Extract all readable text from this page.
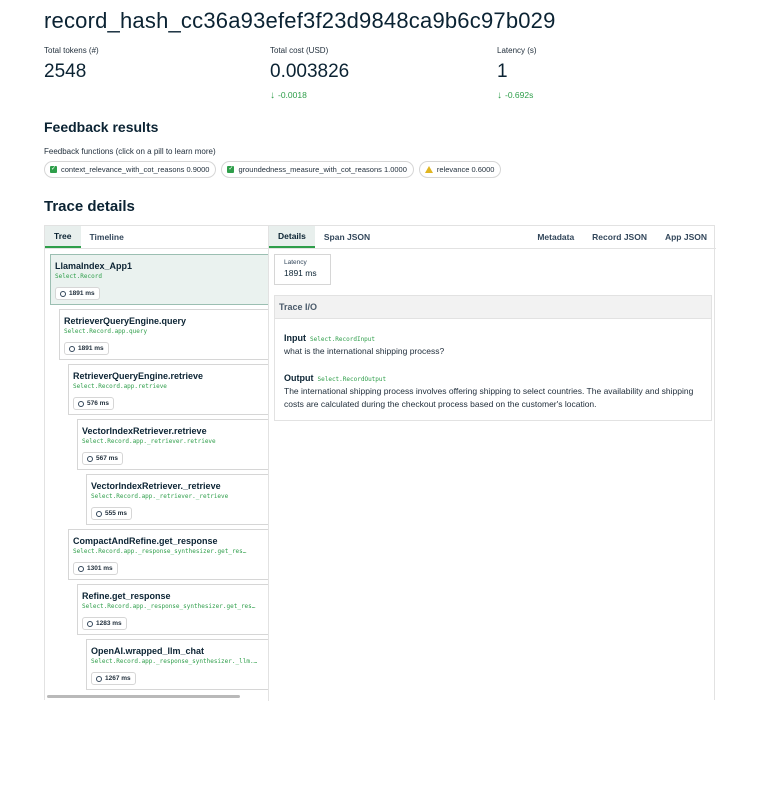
record_hash_cc36a93efef3f23d9848ca9b6c97b029
Total tokens (#)
2548
Total cost (USD)
0.003826
↓ -0.0018
Latency (s)
1
↓ -0.692s
Feedback results
Feedback functions (click on a pill to learn more)
✓ context_relevance_with_cot_reasons 0.9000	✓ groundedness_measure_with_cot_reasons 1.0000	relevance 0.6000
Trace details
Tree	Timeline
LlamaIndex_App1
Select.Record
1891 ms
RetrieverQueryEngine.query
Select.Record.app.query
1891 ms
RetrieverQueryEngine.retrieve
Select.Record.app.retrieve
576 ms
VectorIndexRetriever.retrieve
Select.Record.app._retriever.retrieve
567 ms
VectorIndexRetriever._retrieve
Select.Record.app._retriever._retrieve
555 ms
CompactAndRefine.get_response
Select.Record.app._response_synthesizer.get_res…
1301 ms
Refine.get_response
Select.Record.app._response_synthesizer.get_res…
1283 ms
OpenAI.wrapped_llm_chat
Select.Record.app._response_synthesizer._llm.…
1267 ms
Details	Span JSON	Metadata	Record JSON	App JSON
Latency
1891 ms
Trace I/O
Input Select.RecordInput
what is the international shipping process?
Output Select.RecordOutput
The international shipping process involves offering shipping to select countries. The availability and shipping costs are calculated during the checkout process based on the customer's location.
